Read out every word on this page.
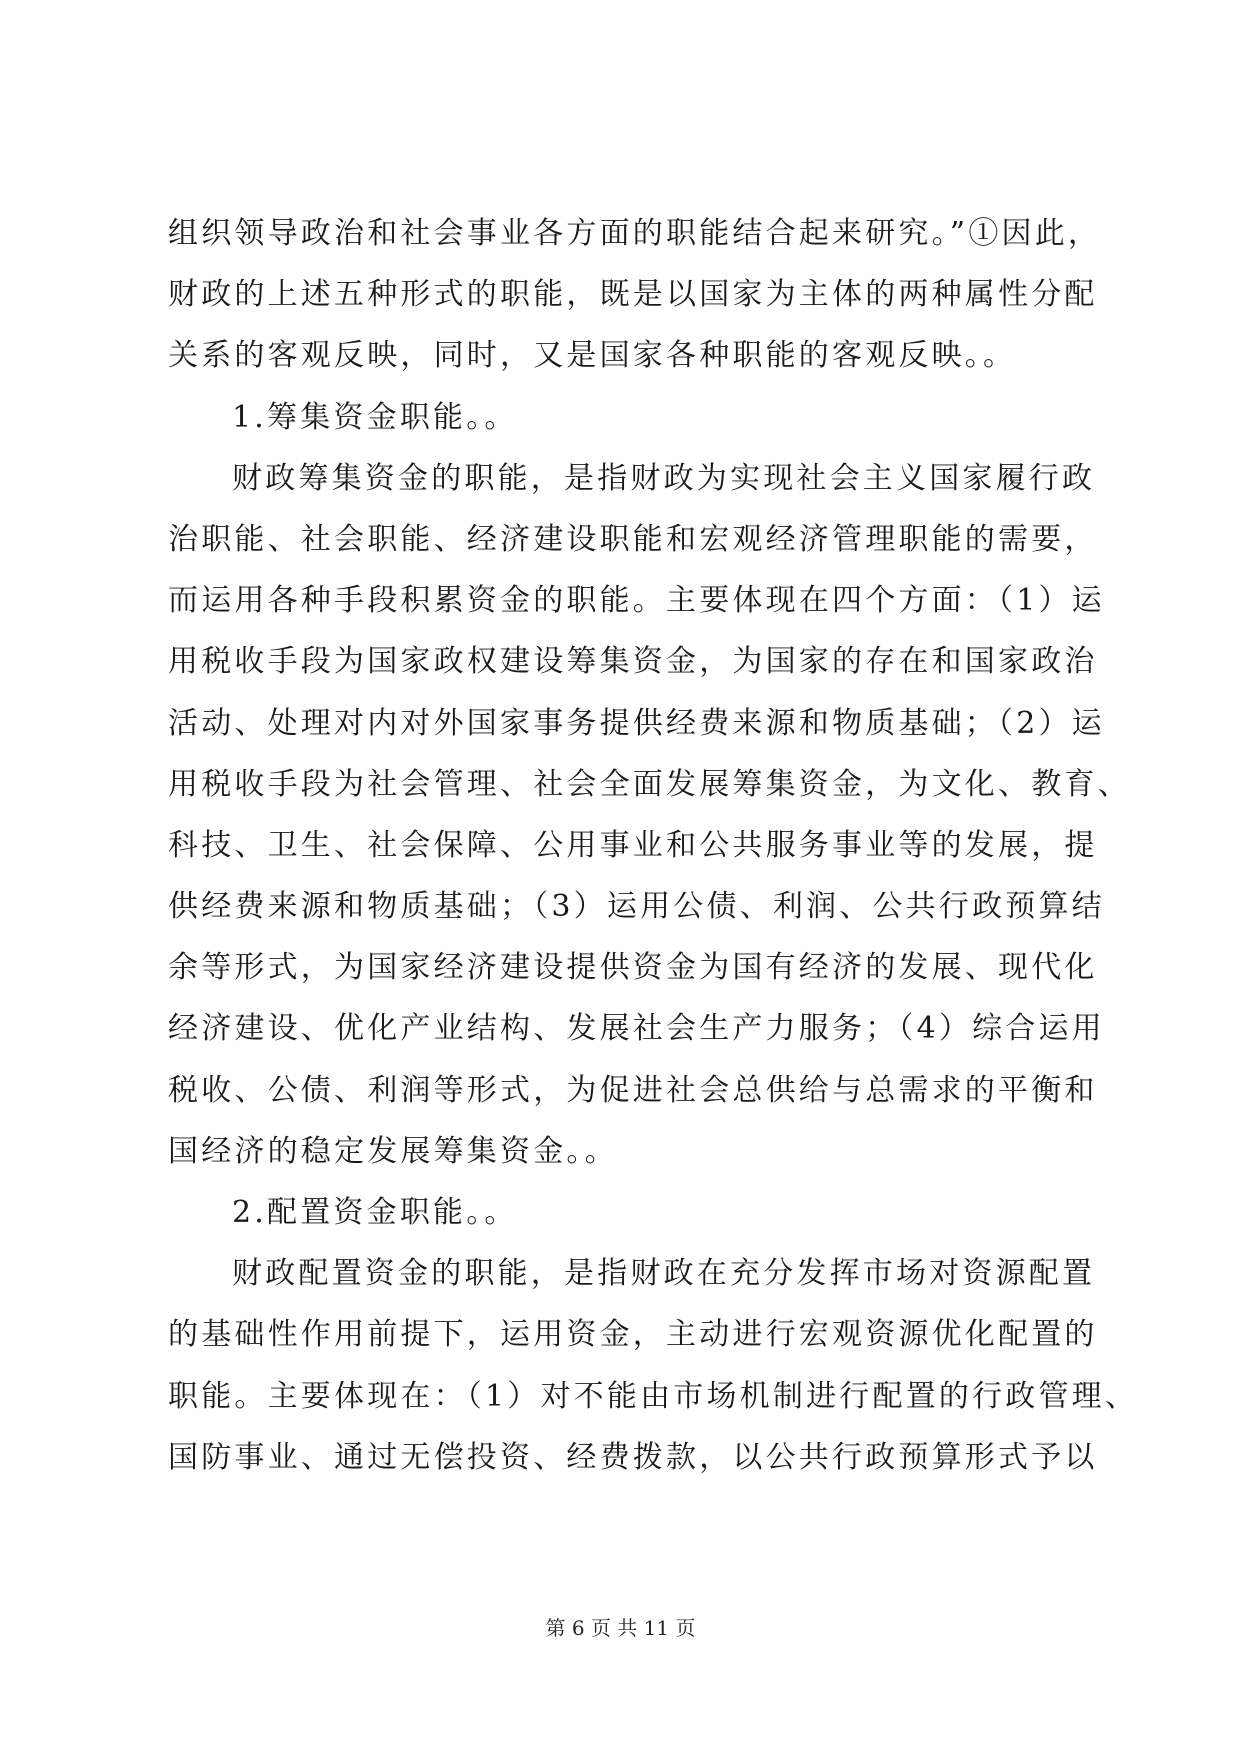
组织领导政治和社会事业各方面的职能结合起来研究。”①因此，
财政的上述五种形式的职能，既是以国家为主体的两种属性分配
关系的客观反映，同时，又是国家各种职能的客观反映。。
1.筹集资金职能。。
财政筹集资金的职能，是指财政为实现社会主义国家履行政
治职能、社会职能、经济建设职能和宏观经济管理职能的需要，
而运用各种手段积累资金的职能。主要体现在四个方面：（1）运
用税收手段为国家政权建设筹集资金，为国家的存在和国家政治
活动、处理对内对外国家事务提供经费来源和物质基础；（2）运
用税收手段为社会管理、社会全面发展筹集资金，为文化、教育、
科技、卫生、社会保障、公用事业和公共服务事业等的发展，提
供经费来源和物质基础；（3）运用公债、利润、公共行政预算结
余等形式，为国家经济建设提供资金为国有经济的发展、现代化
经济建设、优化产业结构、发展社会生产力服务；（4）综合运用
税收、公债、利润等形式，为促进社会总供给与总需求的平衡和
国经济的稳定发展筹集资金。。
2.配置资金职能。。
财政配置资金的职能，是指财政在充分发挥市场对资源配置
的基础性作用前提下，运用资金，主动进行宏观资源优化配置的
职能。主要体现在：（1）对不能由市场机制进行配置的行政管理、
国防事业、通过无偿投资、经费拨款，以公共行政预算形式予以
第 6 页 共 11 页
